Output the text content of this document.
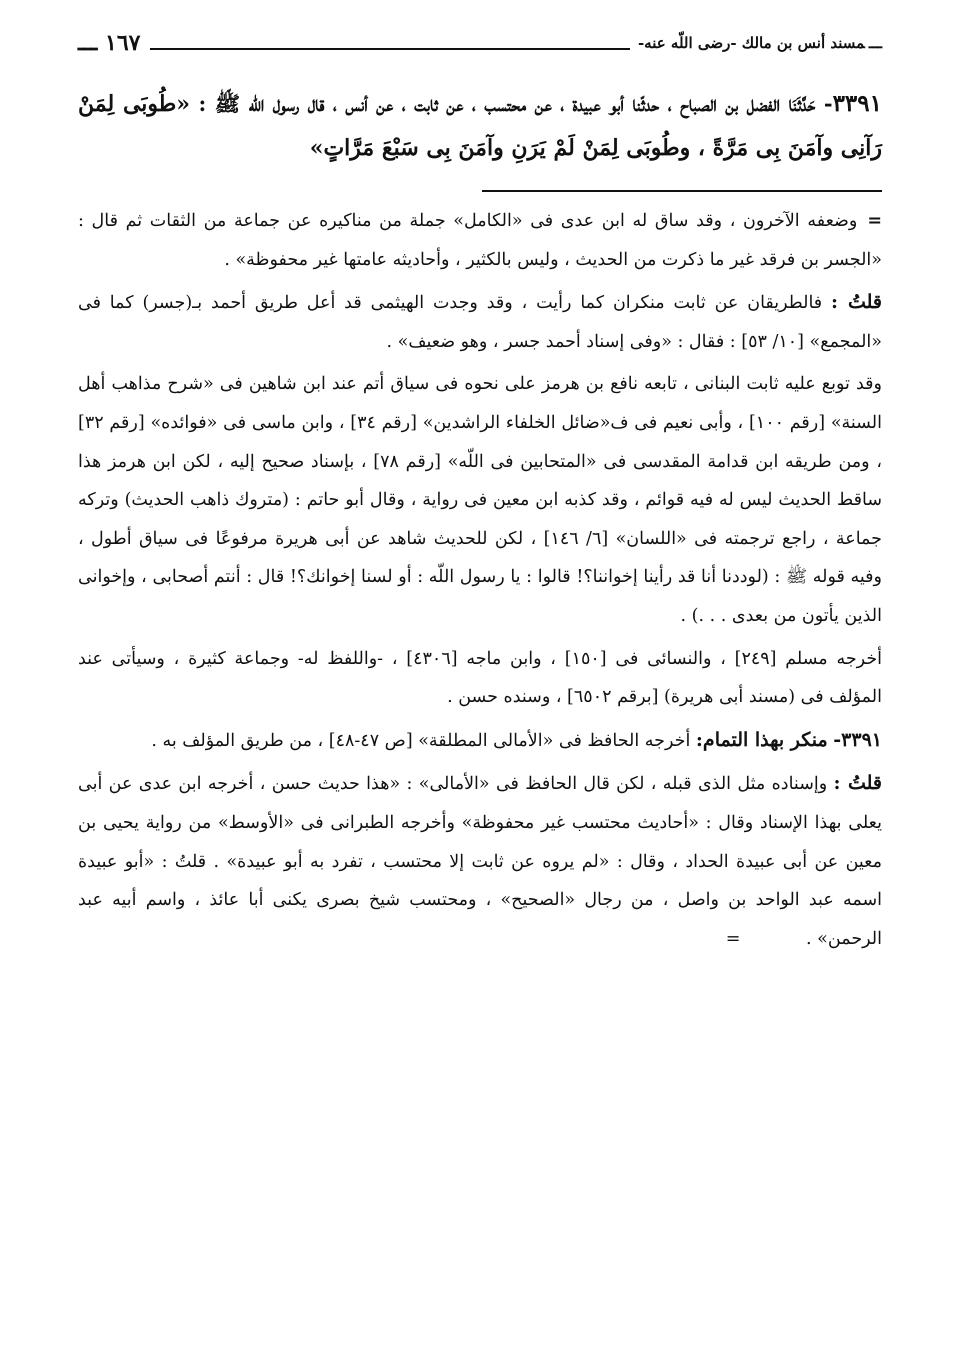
ـــمسند أنس بن مالك -رضى اللّه عنه-
١٦٧ ـــ
٣٣٩١- حَدَّثَنَا الفضل بن الصباح ، حدثّنا أبو عبيدة ، عن محتسب ، عن ثابت ، عن أنس ، قال رسول اللّه ﷺ : «طُوبَى لِمَنْ رَآنِى وآمَنَ بِى مَرَّةً ، وطُوبَى لِمَنْ لَمْ يَرَنِ وآمَنَ بِى سَبْعَ مَرَّاتٍ»

=وضعفه الآخرون ، وقد ساق له ابن عدى فى «الكامل» جملة من مناكيره عن جماعة من الثقات ثم قال : «الجسر بن فرقد غير ما ذكرت من الحديث ، وليس بالكثير ، وأحاديثه عامتها غير محفوظة» .

قلتُ : فالطريقان عن ثابت منكران كما رأيت ، وقد وجدت الهيثمى قد أعل طريق أحمد بـ(جسر) كما فى «المجمع» [١٠/ ٥٣] : فقال : «وفى إسناد أحمد جسر ، وهو ضعيف» .

وقد توبع عليه ثابت البنانى ، تابعه نافع بن هرمز على نحوه فى سياق أتم عند ابن شاهين فى «شرح مذاهب أهل السنة» [رقم ١٠٠] ، وأبى نعيم فى ف«ضائل الخلفاء الراشدين» [رقم ٣٤] ، وابن ماسى فى «فوائده» [رقم ٣٢] ، ومن طريقه ابن قدامة المقدسى فى «المتحابين فى اللّه» [رقم ٧٨] ، بإسناد صحيح إليه ، لكن ابن هرمز هذا ساقط الحديث ليس له فيه قوائم ، وقد كذبه ابن معين فى رواية ، وقال أبو حاتم : (متروك ذاهب الحديث) وتركه جماعة ، راجع ترجمته فى «اللسان» [٦/ ١٤٦] ، لكن للحديث شاهد عن أبى هريرة مرفوعًا فى سياق أطول ، وفيه قوله ﷺ : (لوددنا أنا قد رأينا إخواننا؟! قالوا : يا رسول اللّه : أو لسنا إخوانك؟! قال : أنتم أصحابى ، وإخوانى الذين يأتون من بعدى . . .) .

أخرجه مسلم [٢٤٩] ، والنسائى فى [١٥٠] ، وابن ماجه [٤٣٠٦] ، -واللفظ له- وجماعة كثيرة ، وسيأتى عند المؤلف فى (مسند أبى هريرة) [برقم ٦٥٠٢] ، وسنده حسن .

٣٣٩١- منكر بهذا التمام: أخرجه الحافظ فى «الأمالى المطلقة» [ص ٤٧-٤٨] ، من طريق المؤلف به .

قلتُ : وإسناده مثل الذى قبله ، لكن قال الحافظ فى «الأمالى» : «هذا حديث حسن ، أخرجه ابن عدى عن أبى يعلى بهذا الإسناد وقال : «أحاديث محتسب غير محفوظة» وأخرجه الطبرانى فى «الأوسط» من رواية يحيى بن معين عن أبى عبيدة الحداد ، وقال : «لم يروه عن ثابت إلا محتسب ، تفرد به أبو عبيدة» . قلتُ : «أبو عبيدة اسمه عبد الواحد بن واصل ، من رجال «الصحيح» ، ومحتسب شيخ بصرى يكنى أبا عائذ ، واسم أبيه عبد الرحمن» . =
